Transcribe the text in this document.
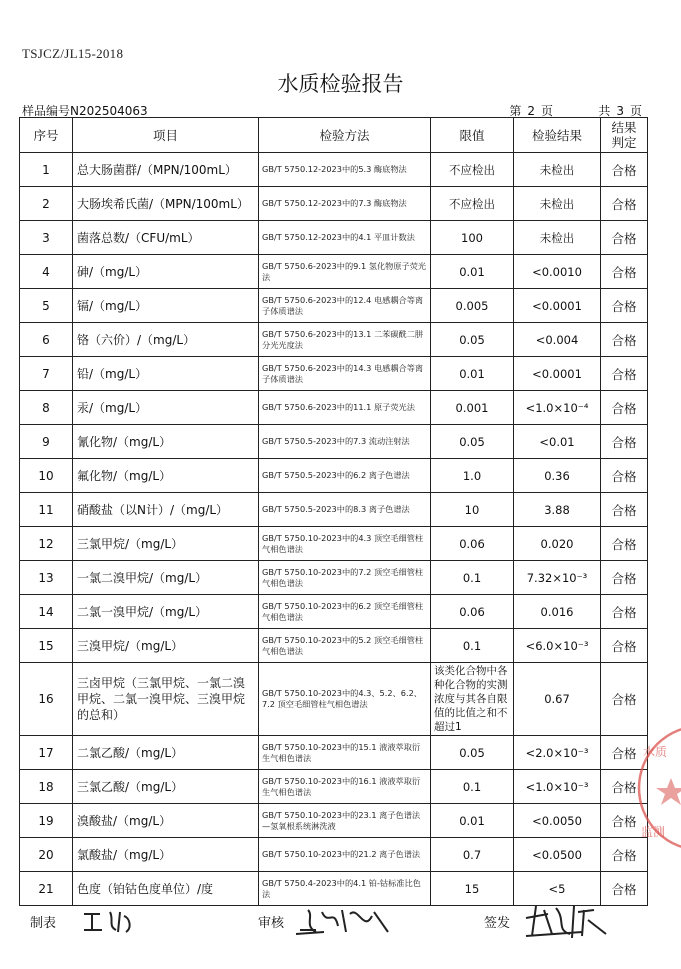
TSJCZ/JL15-2018
水质检验报告
样品编号N202504063	第 2 页	共 3 页
序号	项目	检验方法	限值	检验结果	结果判定
1	总大肠菌群/（MPN/100mL）	GB/T 5750.12-2023中的5.3 酶底物法	不应检出	未检出	合格
2	大肠埃希氏菌/（MPN/100mL）	GB/T 5750.12-2023中的7.3 酶底物法	不应检出	未检出	合格
3	菌落总数/（CFU/mL）	GB/T 5750.12-2023中的4.1 平皿计数法	100	未检出	合格
4	砷/（mg/L）	GB/T 5750.6-2023中的9.1 氢化物原子荧光法	0.01	<0.0010	合格
5	镉/（mg/L）	GB/T 5750.6-2023中的12.4 电感耦合等离子体质谱法	0.005	<0.0001	合格
6	铬（六价）/（mg/L）	GB/T 5750.6-2023中的13.1 二苯碳酰二肼分光光度法	0.05	<0.004	合格
7	铅/（mg/L）	GB/T 5750.6-2023中的14.3 电感耦合等离子体质谱法	0.01	<0.0001	合格
8	汞/（mg/L）	GB/T 5750.6-2023中的11.1 原子荧光法	0.001	<1.0×10⁻⁴	合格
9	氰化物/（mg/L）	GB/T 5750.5-2023中的7.3 流动注射法	0.05	<0.01	合格
10	氟化物/（mg/L）	GB/T 5750.5-2023中的6.2 离子色谱法	1.0	0.36	合格
11	硝酸盐（以N计）/（mg/L）	GB/T 5750.5-2023中的8.3 离子色谱法	10	3.88	合格
12	三氯甲烷/（mg/L）	GB/T 5750.10-2023中的4.3 顶空毛细管柱气相色谱法	0.06	0.020	合格
13	一氯二溴甲烷/（mg/L）	GB/T 5750.10-2023中的7.2 顶空毛细管柱气相色谱法	0.1	7.32×10⁻³	合格
14	二氯一溴甲烷/（mg/L）	GB/T 5750.10-2023中的6.2 顶空毛细管柱气相色谱法	0.06	0.016	合格
15	三溴甲烷/（mg/L）	GB/T 5750.10-2023中的5.2 顶空毛细管柱气相色谱法	0.1	<6.0×10⁻³	合格
16	三卤甲烷（三氯甲烷、一氯二溴甲烷、二氯一溴甲烷、三溴甲烷的总和）	GB/T 5750.10-2023中的4.3、5.2、6.2、7.2 顶空毛细管柱气相色谱法	该类化合物中各种化合物的实测浓度与其各自限值的比值之和不超过1	0.67	合格
17	二氯乙酸/（mg/L）	GB/T 5750.10-2023中的15.1 液液萃取衍生气相色谱法	0.05	<2.0×10⁻³	合格
18	三氯乙酸/（mg/L）	GB/T 5750.10-2023中的16.1 液液萃取衍生气相色谱法	0.1	<1.0×10⁻³	合格
19	溴酸盐/（mg/L）	GB/T 5750.10-2023中的23.1 离子色谱法—氢氧根系统淋洗液	0.01	<0.0050	合格
20	氯酸盐/（mg/L）	GB/T 5750.10-2023中的21.2 离子色谱法	0.7	<0.0500	合格
21	色度（铂钴色度单位）/度	GB/T 5750.4-2023中的4.1 铂-钴标准比色法	15	<5	合格
制表	审核	签发
水质
监测
